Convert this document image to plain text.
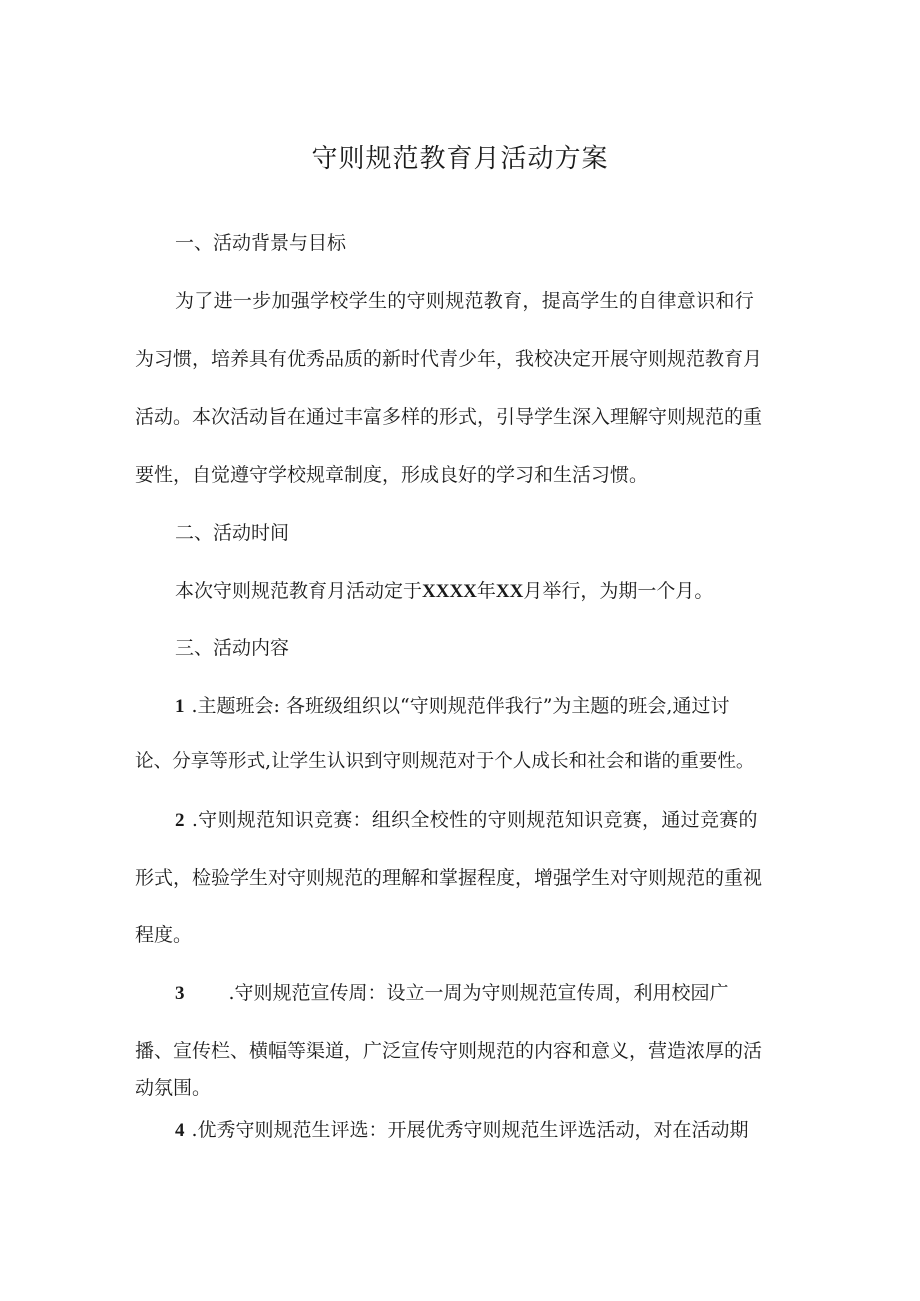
守则规范教育月活动方案
一、活动背景与目标
为了进一步加强学校学生的守则规范教育，提高学生的自律意识和行
为习惯，培养具有优秀品质的新时代青少年，我校决定开展守则规范教育月
活动。本次活动旨在通过丰富多样的形式，引导学生深入理解守则规范的重
要性，自觉遵守学校规章制度，形成良好的学习和生活习惯。
二、活动时间
本次守则规范教育月活动定于XXXX年XX月举行，为期一个月。
三、活动内容
1 .主题班会: 各班级组织以“守则规范伴我行”为主题的班会,通过讨
论、分享等形式,让学生认识到守则规范对于个人成长和社会和谐的重要性。
2 .守则规范知识竞赛：组织全校性的守则规范知识竞赛，通过竞赛的
形式，检验学生对守则规范的理解和掌握程度，增强学生对守则规范的重视
程度。
3 .守则规范宣传周：设立一周为守则规范宣传周，利用校园广
播、宣传栏、横幅等渠道，广泛宣传守则规范的内容和意义，营造浓厚的活
动氛围。
4 .优秀守则规范生评选：开展优秀守则规范生评选活动，对在活动期
